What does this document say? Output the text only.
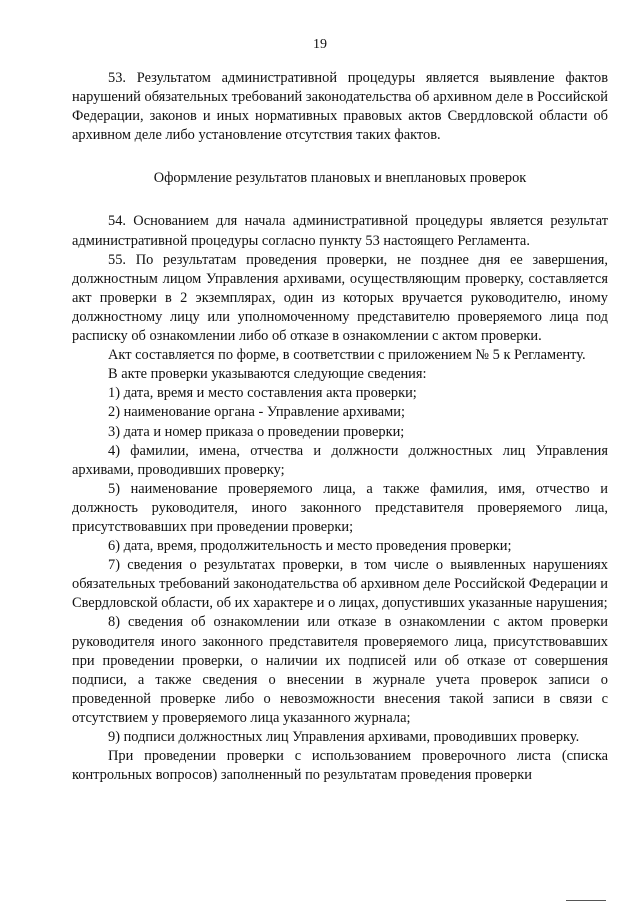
19

53. Результатом административной процедуры является выявление фактов нарушений обязательных требований законодательства об архивном деле в Российской Федерации, законов и иных нормативных правовых актов Свердловской области об архивном деле либо установление отсутствия таких фактов.

Оформление результатов плановых и внеплановых проверок

54. Основанием для начала административной процедуры является результат административной процедуры согласно пункту 53 настоящего Регламента.

55. По результатам проведения проверки, не позднее дня ее завершения, должностным лицом Управления архивами, осуществляющим проверку, составляется акт проверки в 2 экземплярах, один из которых вручается руководителю, иному должностному лицу или уполномоченному представителю проверяемого лица под расписку об ознакомлении либо об отказе в ознакомлении с актом проверки.

Акт составляется по форме, в соответствии с приложением № 5 к Регламенту.

В акте проверки указываются следующие сведения:

1) дата, время и место составления акта проверки;

2) наименование органа - Управление архивами;

3) дата и номер приказа о проведении проверки;

4) фамилии, имена, отчества и должности должностных лиц Управления архивами, проводивших проверку;

5) наименование проверяемого лица, а также фамилия, имя, отчество и должность руководителя, иного законного представителя проверяемого лица, присутствовавших при проведении проверки;

6) дата, время, продолжительность и место проведения проверки;

7) сведения о результатах проверки, в том числе о выявленных нарушениях обязательных требований законодательства об архивном деле Российской Федерации и Свердловской области, об их характере и о лицах, допустивших указанные нарушения;

8) сведения об ознакомлении или отказе в ознакомлении с актом проверки руководителя иного законного представителя проверяемого лица, присутствовавших при проведении проверки, о наличии их подписей или об отказе от совершения подписи, а также сведения о внесении в журнале учета проверок записи о проведенной проверке либо о невозможности внесения такой записи в связи с отсутствием у проверяемого лица указанного журнала;

9) подписи должностных лиц Управления архивами, проводивших проверку.

При проведении проверки с использованием проверочного листа (списка контрольных вопросов) заполненный по результатам проведения проверки
